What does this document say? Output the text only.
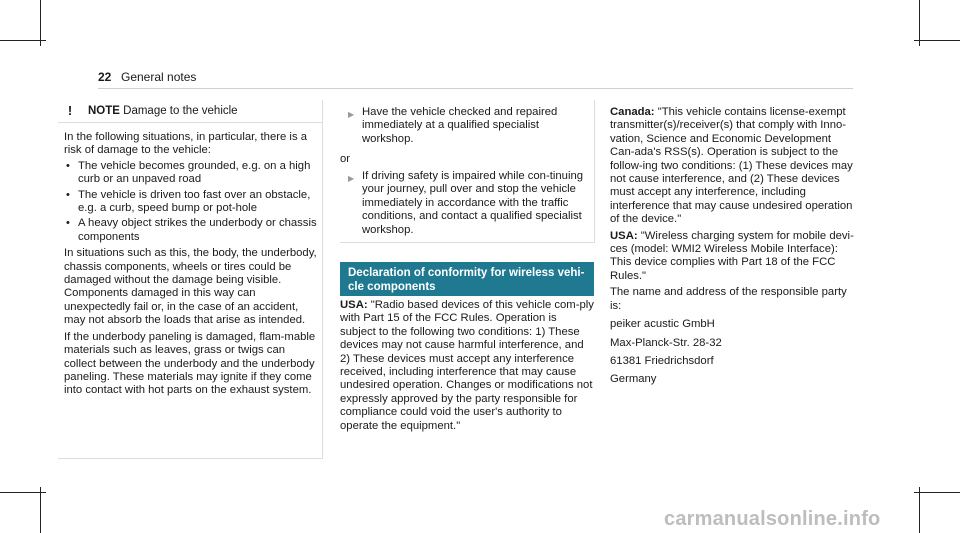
22 General notes
!	NOTE Damage to the vehicle

In the following situations, in particular, there is a risk of damage to the vehicle:

• The vehicle becomes grounded, e.g. on a high curb or an unpaved road

• The vehicle is driven too fast over an obstacle, e.g. a curb, speed bump or pot-hole

• A heavy object strikes the underbody or chassis components

In situations such as this, the body, the underbody, chassis components, wheels or tires could be damaged without the damage being visible. Components damaged in this way can unexpectedly fail or, in the case of an accident, may not absorb the loads that arise as intended.

If the underbody paneling is damaged, flam-mable materials such as leaves, grass or twigs can collect between the underbody and the underbody paneling. These materials may ignite if they come into contact with hot parts on the exhaust system.

▶ Have the vehicle checked and repaired immediately at a qualified specialist workshop.
or
▶ If driving safety is impaired while con-tinuing your journey, pull over and stop the vehicle immediately in accordance with the traffic conditions, and contact a qualified specialist workshop.
Declaration of conformity for wireless vehi-cle components

USA: "Radio based devices of this vehicle com-ply with Part 15 of the FCC Rules. Operation is subject to the following two conditions: 1) These devices may not cause harmful interference, and 2) These devices must accept any interference received, including interference that may cause undesired operation. Changes or modifications not expressly approved by the party responsible for compliance could void the user's authority to operate the equipment."

Canada: "This vehicle contains license-exempt transmitter(s)/receiver(s) that comply with Inno-vation, Science and Economic Development Can-ada's RSS(s). Operation is subject to the follow-ing two conditions: (1) These devices may not cause interference, and (2) These devices must accept any interference, including interference that may cause undesired operation of the device."

USA: "Wireless charging system for mobile devi-ces (model: WMI2 Wireless Mobile Interface): This device complies with Part 18 of the FCC Rules."

The name and address of the responsible party is:

peiker acustic GmbH

Max-Planck-Str. 28-32

61381 Friedrichsdorf

Germany

carmanualsonline.info
